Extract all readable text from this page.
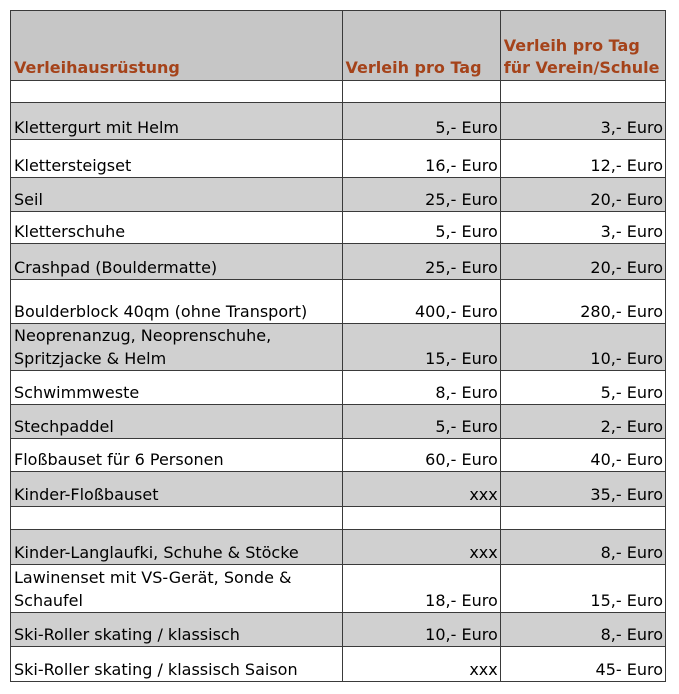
Verleihausrüstung	Verleih pro Tag	Verleih pro Tag für Verein/Schule

Klettergurt mit Helm	5,- Euro	3,- Euro
Klettersteigset	16,- Euro	12,- Euro
Seil	25,- Euro	20,- Euro
Kletterschuhe	5,- Euro	3,- Euro
Crashpad (Bouldermatte)	25,- Euro	20,- Euro
Boulderblock 40qm (ohne Transport)	400,- Euro	280,- Euro
Neoprenanzug, Neoprenschuhe, Spritzjacke & Helm	15,- Euro	10,- Euro
Schwimmweste	8,- Euro	5,- Euro
Stechpaddel	5,- Euro	2,- Euro
Floßbauset für 6 Personen	60,- Euro	40,- Euro
Kinder-Floßbauset	xxx	35,- Euro

Kinder-Langlaufki, Schuhe & Stöcke	xxx	8,- Euro
Lawinenset mit VS-Gerät, Sonde & Schaufel	18,- Euro	15,- Euro
Ski-Roller skating / klassisch	10,- Euro	8,- Euro
Ski-Roller skating / klassisch Saison	xxx	45- Euro
